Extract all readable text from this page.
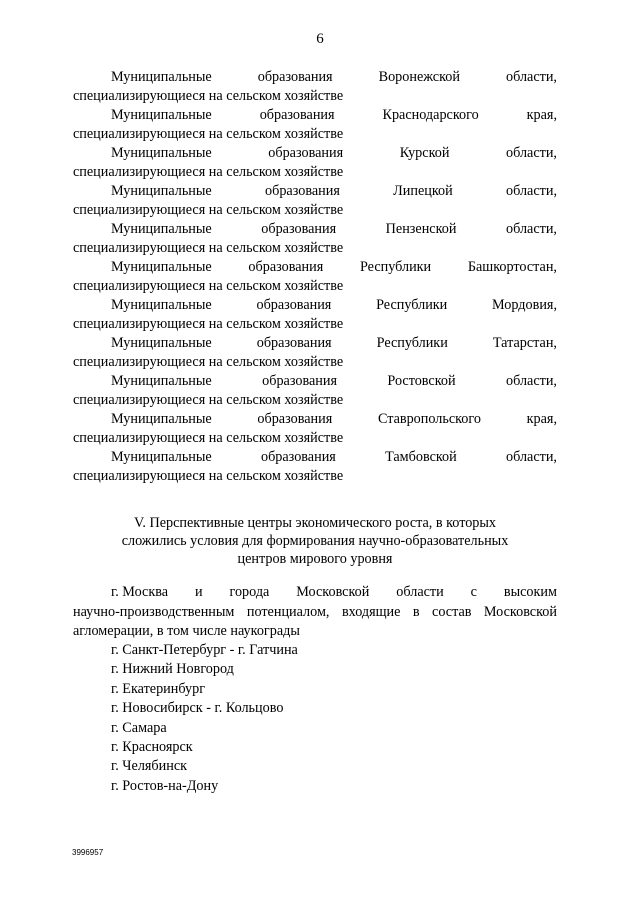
6
Муниципальные	образования	Воронежской	области,
специализирующиеся на сельском хозяйстве
Муниципальные	образования	Краснодарского	края,
специализирующиеся на сельском хозяйстве
Муниципальные	образования	Курской	области,
специализирующиеся на сельском хозяйстве
Муниципальные	образования	Липецкой	области,
специализирующиеся на сельском хозяйстве
Муниципальные	образования	Пензенской	области,
специализирующиеся на сельском хозяйстве
Муниципальные	образования	Республики	Башкортостан,
специализирующиеся на сельском хозяйстве
Муниципальные	образования	Республики	Мордовия,
специализирующиеся на сельском хозяйстве
Муниципальные	образования	Республики	Татарстан,
специализирующиеся на сельском хозяйстве
Муниципальные	образования	Ростовской	области,
специализирующиеся на сельском хозяйстве
Муниципальные	образования	Ставропольского	края,
специализирующиеся на сельском хозяйстве
Муниципальные	образования	Тамбовской	области,
специализирующиеся на сельском хозяйстве
V. Перспективные центры экономического роста, в которых
сложились условия для формирования научно-образовательных
центров мирового уровня
г. Москва и города Московской области с высоким
научно-производственным потенциалом, входящие в состав Московской
агломерации, в том числе наукограды
г. Санкт-Петербург - г. Гатчина
г. Нижний Новгород
г. Екатеринбург
г. Новосибирск - г. Кольцово
г. Самара
г. Красноярск
г. Челябинск
г. Ростов-на-Дону
3996957
